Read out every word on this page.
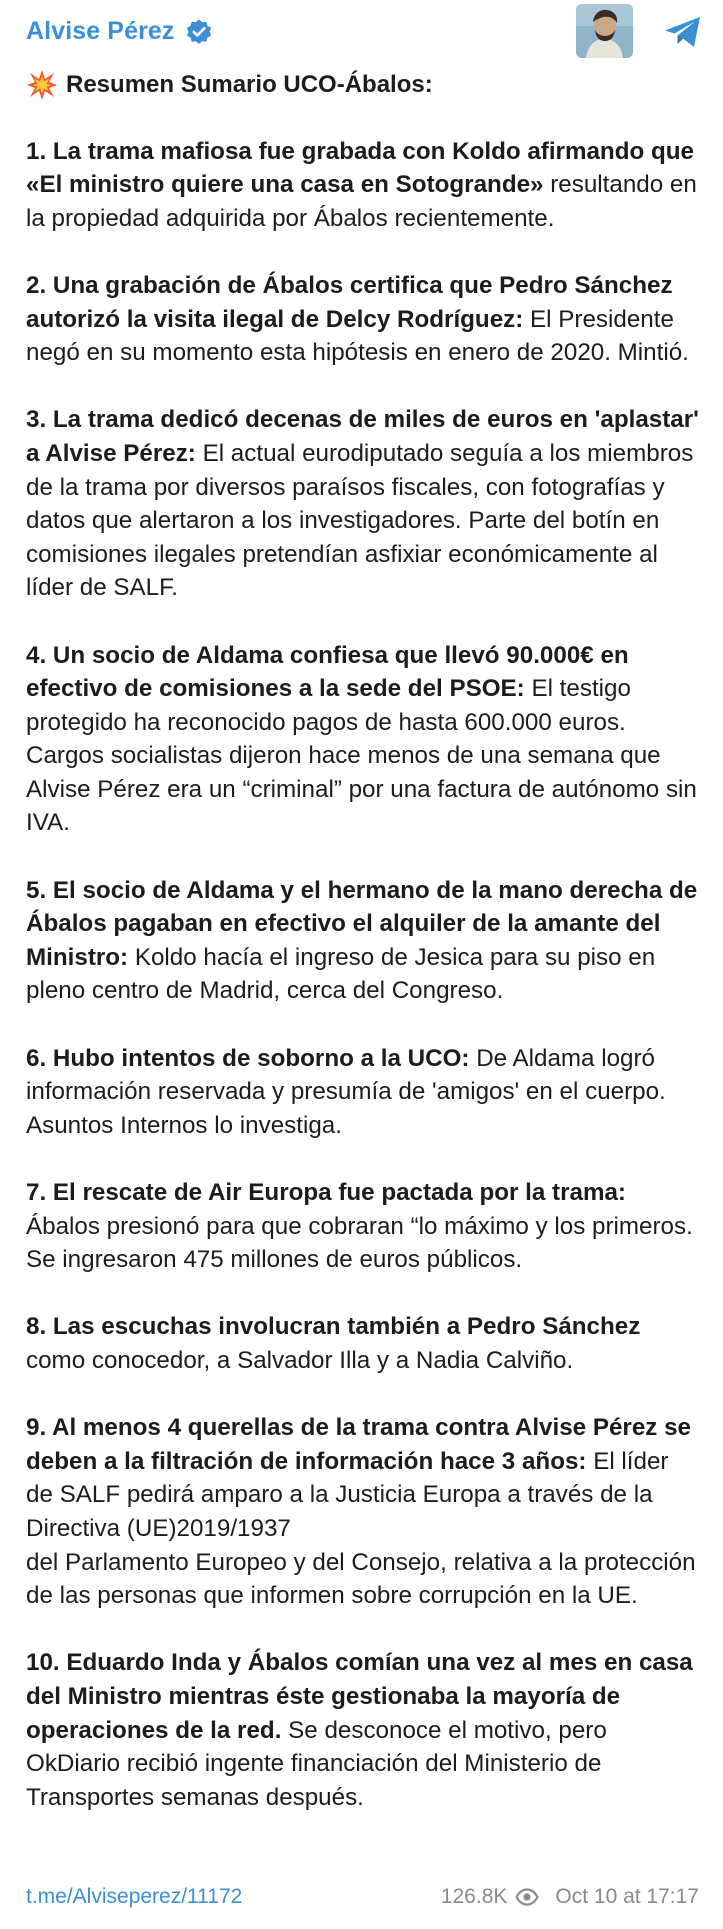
Alvise Pérez
Resumen Sumario UCO-Ábalos:
1. La trama mafiosa fue grabada con Koldo afirmando que «El ministro quiere una casa en Sotogrande» resultando en la propiedad adquirida por Ábalos recientemente.
2. Una grabación de Ábalos certifica que Pedro Sánchez autorizó la visita ilegal de Delcy Rodríguez: El Presidente negó en su momento esta hipótesis en enero de 2020. Mintió.
3. La trama dedicó decenas de miles de euros en 'aplastar' a Alvise Pérez: El actual eurodiputado seguía a los miembros de la trama por diversos paraísos fiscales, con fotografías y datos que alertaron a los investigadores. Parte del botín en comisiones ilegales pretendían asfixiar económicamente al líder de SALF.
4. Un socio de Aldama confiesa que llevó 90.000€ en efectivo de comisiones a la sede del PSOE: El testigo protegido ha reconocido pagos de hasta 600.000 euros. Cargos socialistas dijeron hace menos de una semana que Alvise Pérez era un “criminal” por una factura de autónomo sin IVA.
5. El socio de Aldama y el hermano de la mano derecha de Ábalos pagaban en efectivo el alquiler de la amante del Ministro: Koldo hacía el ingreso de Jesica para su piso en pleno centro de Madrid, cerca del Congreso.
6. Hubo intentos de soborno a la UCO: De Aldama logró información reservada y presumía de 'amigos' en el cuerpo. Asuntos Internos lo investiga.
7. El rescate de Air Europa fue pactada por la trama: Ábalos presionó para que cobraran “lo máximo y los primeros. Se ingresaron 475 millones de euros públicos.
8. Las escuchas involucran también a Pedro Sánchez como conocedor, a Salvador Illa y a Nadia Calviño.
9. Al menos 4 querellas de la trama contra Alvise Pérez se deben a la filtración de información hace 3 años: El líder de SALF pedirá amparo a la Justicia Europa a través de la Directiva (UE)2019/1937
del Parlamento Europeo y del Consejo, relativa a la protección de las personas que informen sobre corrupción en la UE.
10. Eduardo Inda y Ábalos comían una vez al mes en casa del Ministro mientras éste gestionaba la mayoría de operaciones de la red. Se desconoce el motivo, pero OkDiario recibió ingente financiación del Ministerio de Transportes semanas después.
t.me/Alviseperez/11172	126.8K Oct 10 at 17:17
